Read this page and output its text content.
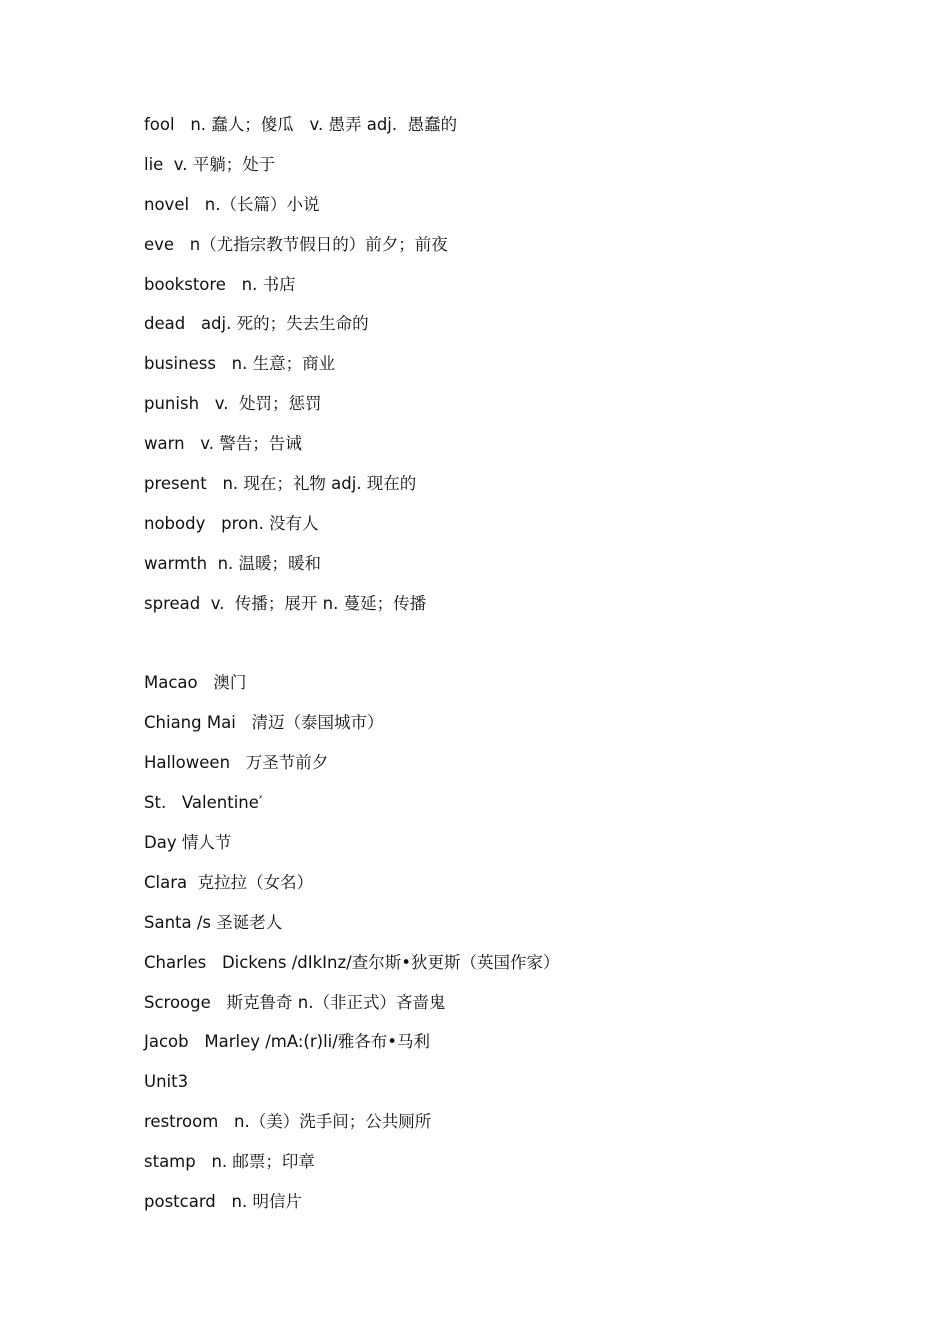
fool   n. 蠢人；傻瓜   v. 愚弄 adj.  愚蠢的
lie  v. 平躺；处于
novel   n.（长篇）小说
eve   n（尤指宗教节假日的）前夕；前夜
bookstore   n. 书店
dead   adj. 死的；失去生命的
business   n. 生意；商业
punish   v.  处罚；惩罚
warn   v. 警告；告诫
present   n. 现在；礼物 adj. 现在的
nobody   pron. 没有人
warmth  n. 温暖；暖和
spread  v.  传播；展开 n. 蔓延；传播
Macao   澳门
Chiang Mai   清迈（泰国城市）
Halloween   万圣节前夕
St.   Valentine′
Day 情人节
Clara  克拉拉（女名）
Santa /s 圣诞老人
Charles   Dickens /dIkInz/查尔斯•狄更斯（英国作家）
Scrooge   斯克鲁奇 n.（非正式）吝啬鬼
Jacob   Marley /mA:(r)li/雅各布•马利
Unit3
restroom   n.（美）洗手间；公共厕所
stamp   n. 邮票；印章
postcard   n. 明信片
